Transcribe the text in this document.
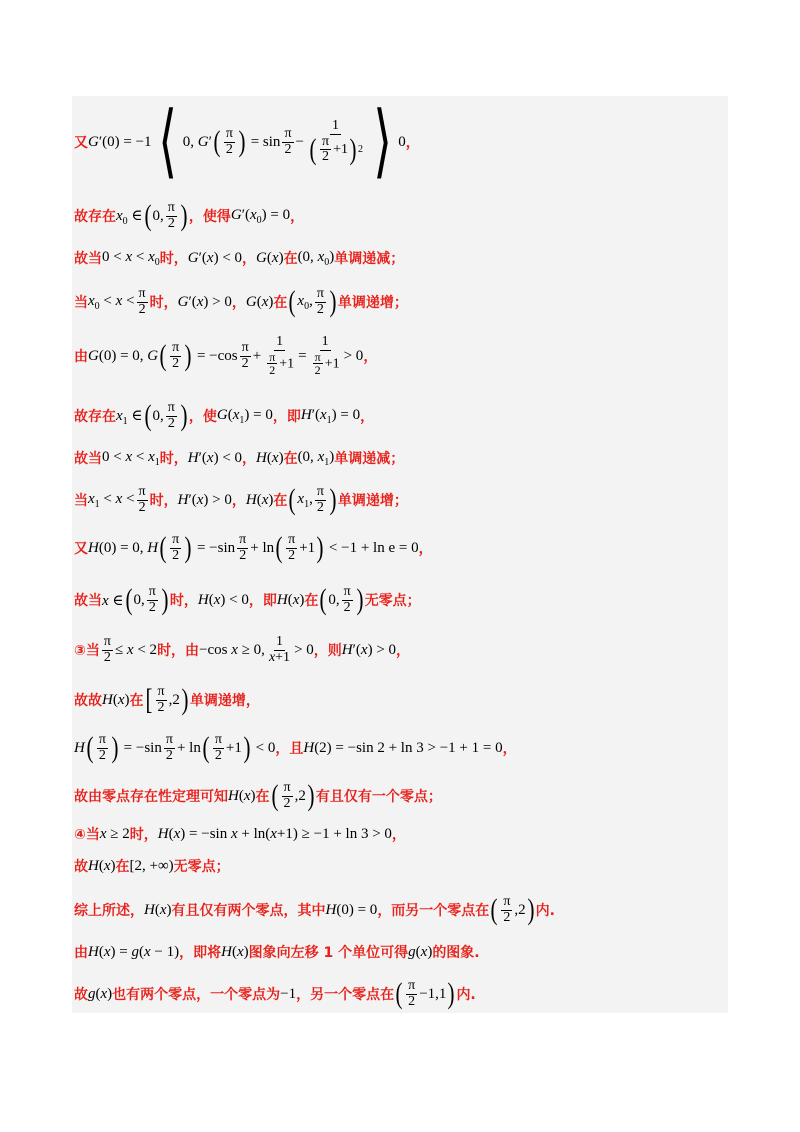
又 G′(0) = −1 ⟨ 0, G′ ( $\frac{\pi}{2}$ ) = $\sin \frac{\pi}{2} - \frac{1}{( \frac{\pi}{2} +1 ) 2}$ ⟩ 0 ，
故存在 $x_0$ ∈ ( 0, $\frac{\pi}{2}$ ) ，使得 $G'(x_0) = 0$ ，
故当 $0 < x < x_0$ 时， G′(x) < 0 ， G(x) 在 (0, $x_0$) 单调递减；
当 $x_0 < x < \frac{\pi}{2}$ 时， G′(x) > 0 ， G(x) 在 ( $x_0$, $\frac{\pi}{2}$ ) 单调递增；
由 G(0) = 0, G ( $\frac{\pi}{2}$ ) = $-\cos \frac{\pi}{2} + \frac{1}{\frac{\pi}{2} +1} = \frac{1}{\frac{\pi}{2} +1} > 0$ ，
故存在 $x_1$ ∈ ( 0, $\frac{\pi}{2}$ ) ，使 $G(x_1) = 0$ ，即 $H'(x_1) = 0$ ，
故当 $0 < x < x_1$ 时， H′(x) < 0 ， H(x) 在 (0, $x_1$) 单调递减；
当 $x_1 < x < \frac{\pi}{2}$ 时， H′(x) > 0 ， H(x) 在 ( $x_1$, $\frac{\pi}{2}$ ) 单调递增；
又 H(0) = 0, H ( $\frac{\pi}{2}$ ) = $-\sin \frac{\pi}{2} + \ln$ ( $\frac{\pi}{2} +1$ ) < −1 + ln e = 0 ，
故当 x ∈ ( 0, $\frac{\pi}{2}$ ) 时， H(x) < 0 ，即 H(x) 在 ( 0, $\frac{\pi}{2}$ ) 无零点；
③当 $\frac{\pi}{2} \le x < 2$ 时，由 −cos x ≥ 0, $\frac{1}{x+1} > 0$ ，则 H′(x) > 0 ，
故故 H(x) 在 [ $\frac{\pi}{2} ,2$ ) 单调递增，
H ( $\frac{\pi}{2}$ ) = $-\sin \frac{\pi}{2} + \ln$ ( $\frac{\pi}{2} +1$ ) < 0 ，且 H(2) = −sin 2 + ln 3 > −1 + 1 = 0 ，
故由零点存在性定理可知 H(x) 在 ( $\frac{\pi}{2} ,2$ ) 有且仅有一个零点；
④当 x ≥ 2 时， H(x) = −sin x + ln(x+1) ≥ −1 + ln 3 > 0 ，
故 H(x) 在 [2, +∞) 无零点；
综上所述， H(x) 有且仅有两个零点，其中 H(0) = 0 ，而另一个零点在 ( $\frac{\pi}{2} ,2$ ) 内.
由 H(x) = g(x − 1) ，即将 H(x) 图象向左移 1 个单位可得 g(x) 的图象.
故 g(x) 也有两个零点，一个零点为 −1 ，另一个零点在 ( $\frac{\pi}{2} -1,1$ ) 内.
